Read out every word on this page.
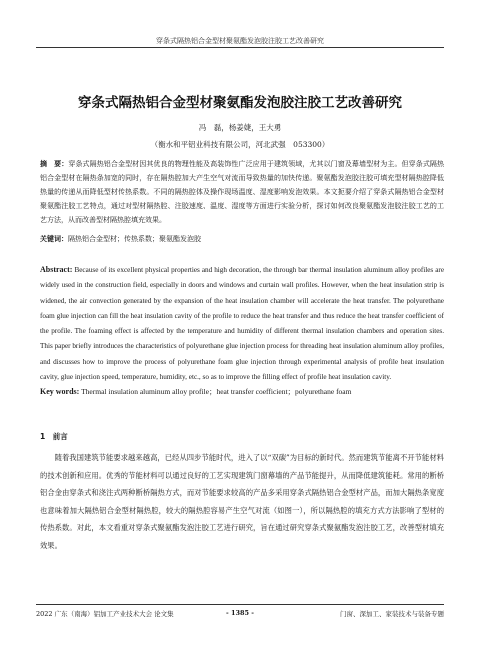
穿条式隔热铝合金型材聚氨酯发泡胶注胶工艺改善研究
穿条式隔热铝合金型材聚氨酯发泡胶注胶工艺改善研究
冯　磊，杨姜婕，王大勇
（衡水和平铝业科技有限公司，河北武强　053300）
摘　要：穿条式隔热铝合金型材因其优良的物理性能及高装饰性广泛应用于建筑领域，尤其以门窗及幕墙型材为主。但穿条式隔热铝合金型材在隔热条加宽的同时，存在隔热腔加大产生空气对流而导致热量的加快传递。聚氨酯发泡胶注胶可填充型材隔热腔降低热量的传递从而降低型材传热系数。不同的隔热腔体及操作现场温度、湿度影响发泡效果。本文扼要介绍了穿条式隔热铝合金型材聚氨酯注胶工艺特点，通过对型材隔热腔、注胶速度、温度、湿度等方面进行实验分析，探讨如何改良聚氨酯发泡胶注胶工艺的工艺方法，从而改善型材隔热腔填充效果。
关键词：隔热铝合金型材；传热系数；聚氨酯发泡胶
Abstract: Because of its excellent physical properties and high decoration, the through bar thermal insulation aluminum alloy profiles are widely used in the construction field, especially in doors and windows and curtain wall profiles. However, when the heat insulation strip is widened, the air convection generated by the expansion of the heat insulation chamber will accelerate the heat transfer. The polyurethane foam glue injection can fill the heat insulation cavity of the profile to reduce the heat transfer and thus reduce the heat transfer coefficient of the profile. The foaming effect is affected by the temperature and humidity of different thermal insulation chambers and operation sites. This paper briefly introduces the characteristics of polyurethane glue injection process for threading heat insulation aluminum alloy profiles, and discusses how to improve the process of polyurethane foam glue injection through experimental analysis of profile heat insulation cavity, glue injection speed, temperature, humidity, etc., so as to improve the filling effect of profile heat insulation cavity.
Key words: Thermal insulation aluminum alloy profile；heat transfer coefficient；polyurethane foam
1　前言
随着我国建筑节能要求越来越高，已经从四步节能时代，进入了以“双碳”为目标的新时代。然而建筑节能离不开节能材料的技术创新和应用。优秀的节能材料可以通过良好的工艺实现建筑门窗幕墙的产品节能提升，从而降低建筑能耗。常用的断桥铝合金由穿条式和浇注式两种断桥隔热方式，而对节能要求较高的产品多采用穿条式隔热铝合金型材产品，而加大隔热条宽度也意味着加大隔热铝合金型材隔热腔，较大的隔热腔容易产生空气对流（如图一），所以隔热腔的填充方式方法影响了型材的传热系数。对此，本文看重对穿条式聚氨酯发泡注胶工艺进行研究，旨在通过研究穿条式聚氨酯发泡注胶工艺，改善型材填充效果。
2022 广东（南海）铝加工产业技术大会 论文集	- 1385 -	门窗、深加工、家装技术与装备专题
